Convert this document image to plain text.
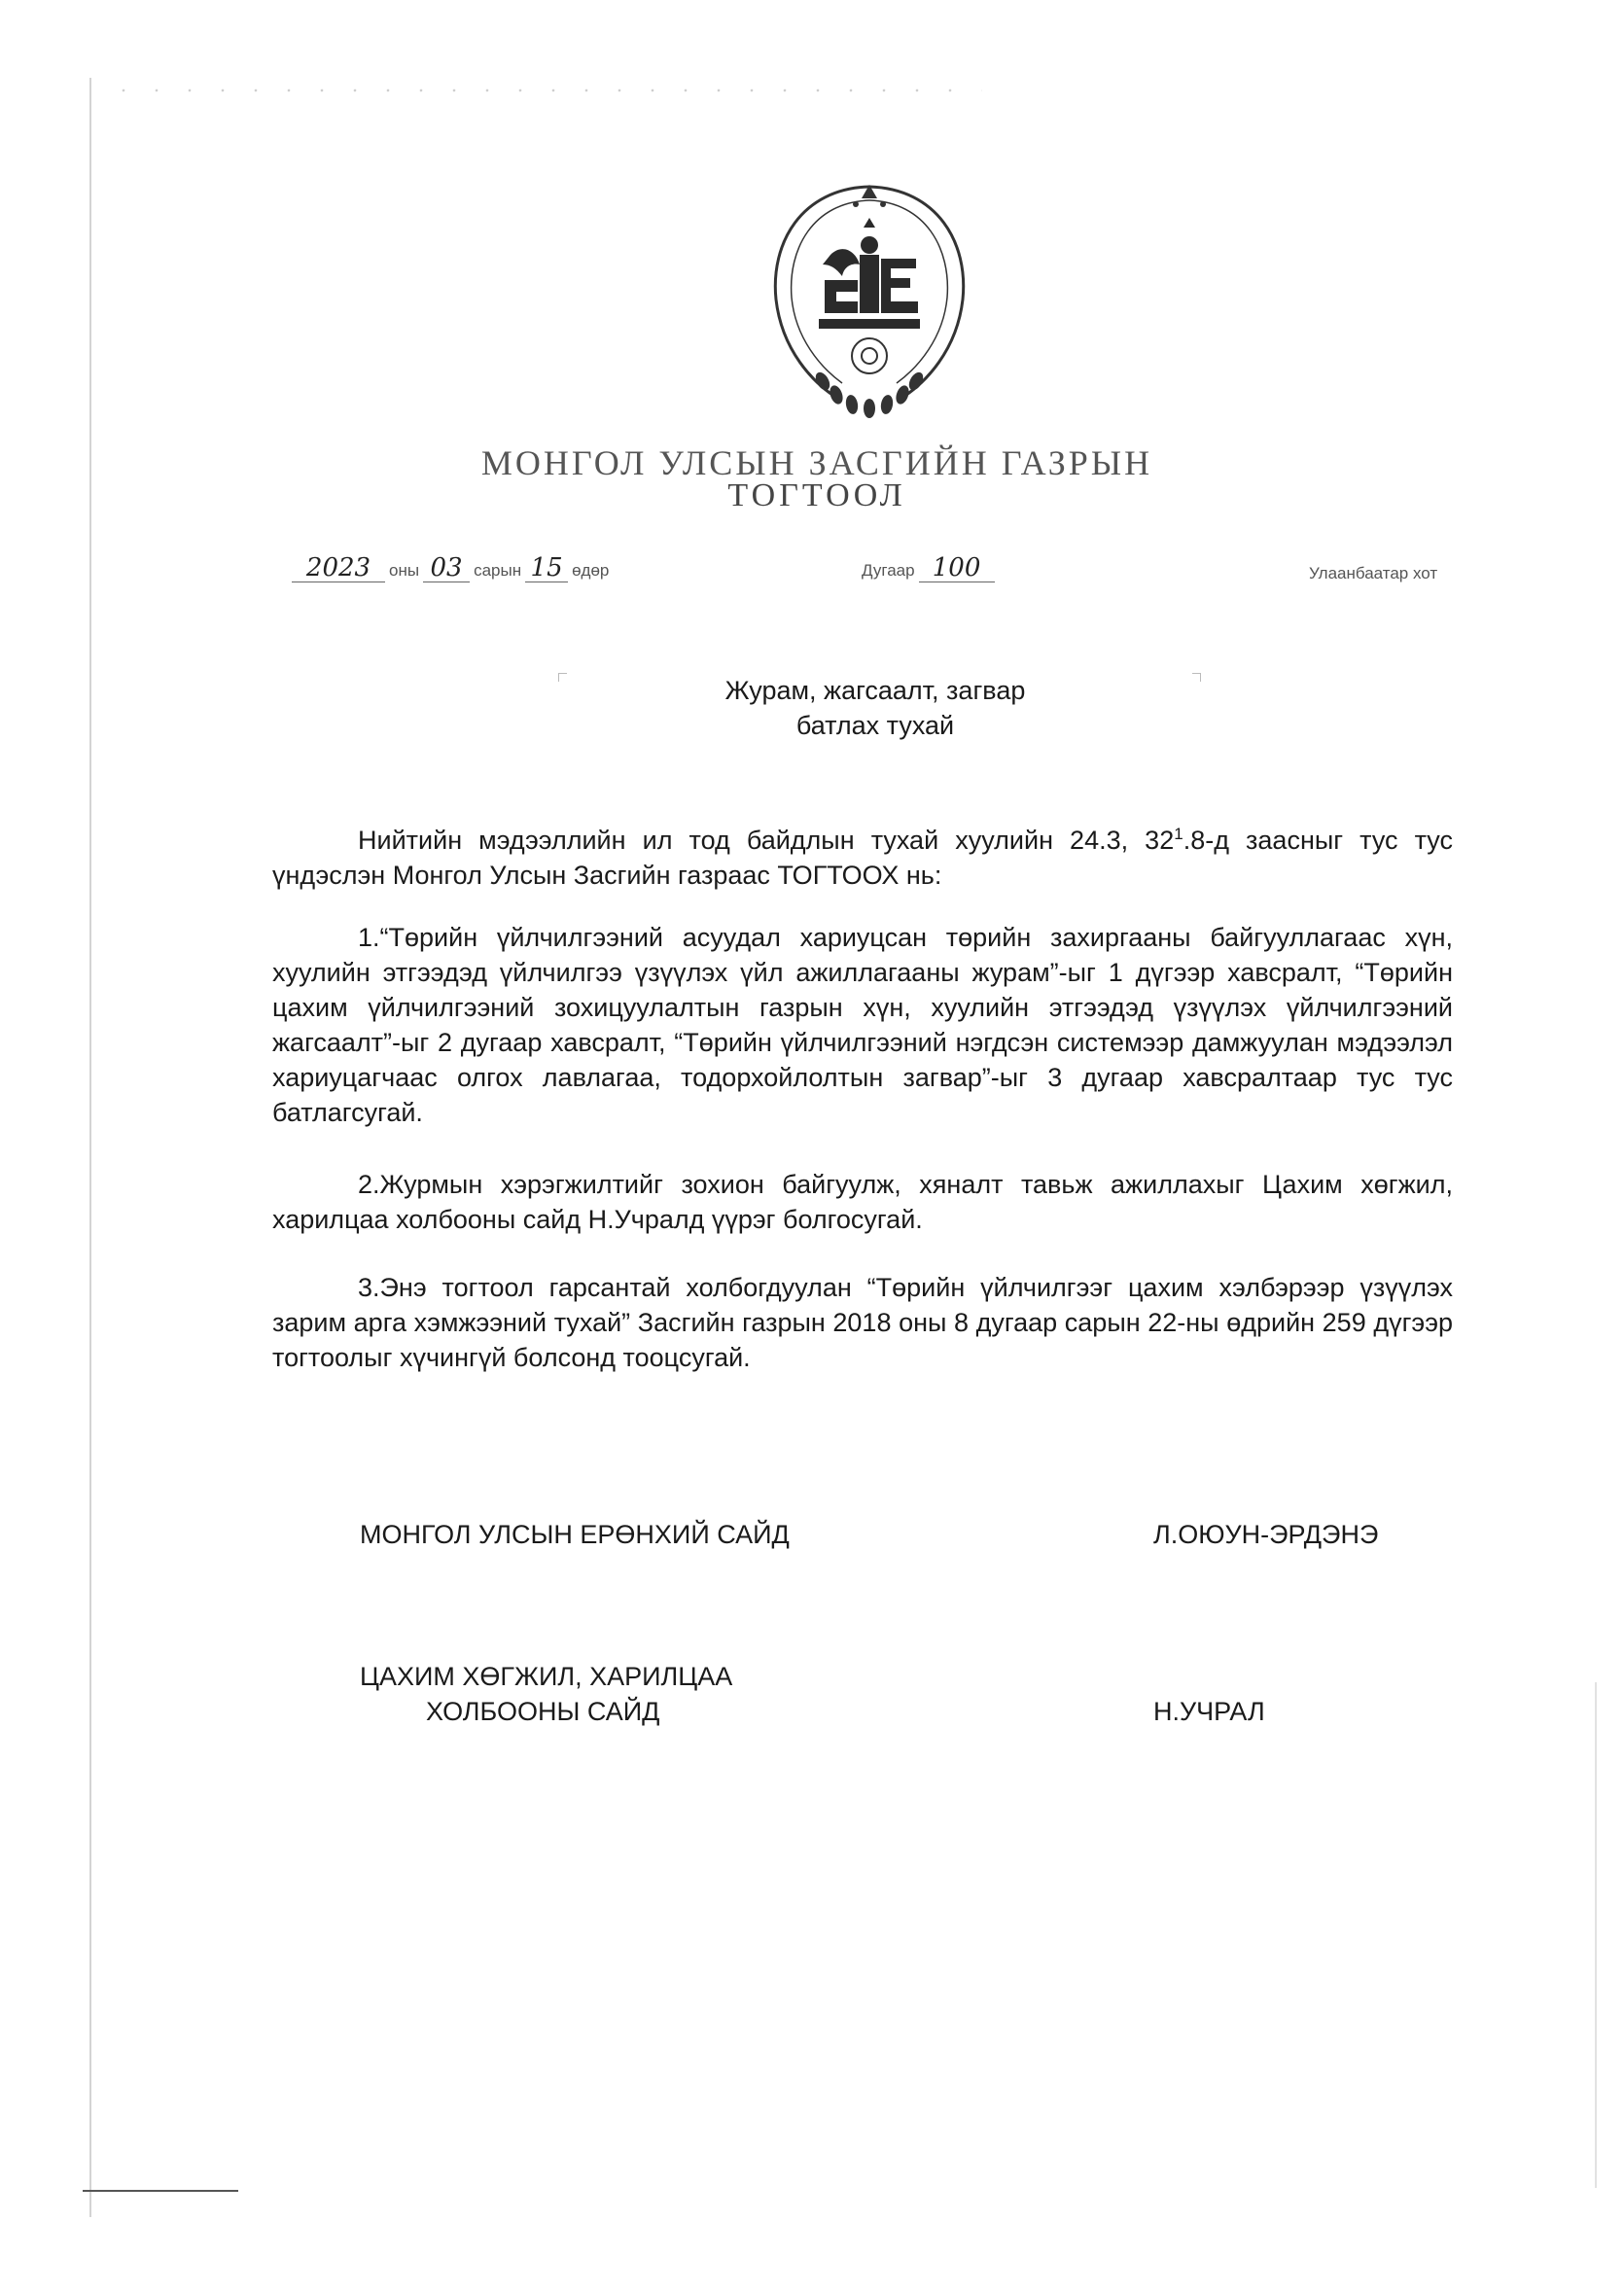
МОНГОЛ УЛСЫН ЗАСГИЙН ГАЗРЫН
ТОГТООЛ
2023 оны 03 сарын 15 өдөр	Дугаар 100	Улаанбаатар хот
Журам, жагсаалт, загвар
батлах тухай

Нийтийн мэдээллийн ил тод байдлын тухай хуулийн 24.3, $32^1.8-д$ заасныг тус тус үндэслэн Монгол Улсын Засгийн газраас ТОГТООХ нь:

1.“Төрийн үйлчилгээний асуудал хариуцсан төрийн захиргааны байгууллагаас хүн, хуулийн этгээдэд үйлчилгээ үзүүлэх үйл ажиллагааны журам”-ыг 1 дүгээр хавсралт, “Төрийн цахим үйлчилгээний зохицуулалтын газрын хүн, хуулийн этгээдэд үзүүлэх үйлчилгээний жагсаалт”-ыг 2 дугаар хавсралт, “Төрийн үйлчилгээний нэгдсэн системээр дамжуулан мэдээлэл хариуцагчаас олгох лавлагаа, тодорхойлолтын загвар”-ыг 3 дугаар хавсралтаар тус тус батлагсугай.

2.Журмын хэрэгжилтийг зохион байгуулж, хяналт тавьж ажиллахыг Цахим хөгжил, харилцаа холбооны сайд Н.Учралд үүрэг болгосугай.

3.Энэ тогтоол гарсантай холбогдуулан “Төрийн үйлчилгээг цахим хэлбэрээр үзүүлэх зарим арга хэмжээний тухай” Засгийн газрын 2018 оны 8 дугаар сарын 22-ны өдрийн 259 дүгээр тогтоолыг хүчингүй болсонд тооцсугай.

МОНГОЛ УЛСЫН ЕРӨНХИЙ САЙД	Л.ОЮУН-ЭРДЭНЭ
ЦАХИМ ХӨГЖИЛ, ХАРИЛЦАА
ХОЛБООНЫ САЙД	Н.УЧРАЛ
